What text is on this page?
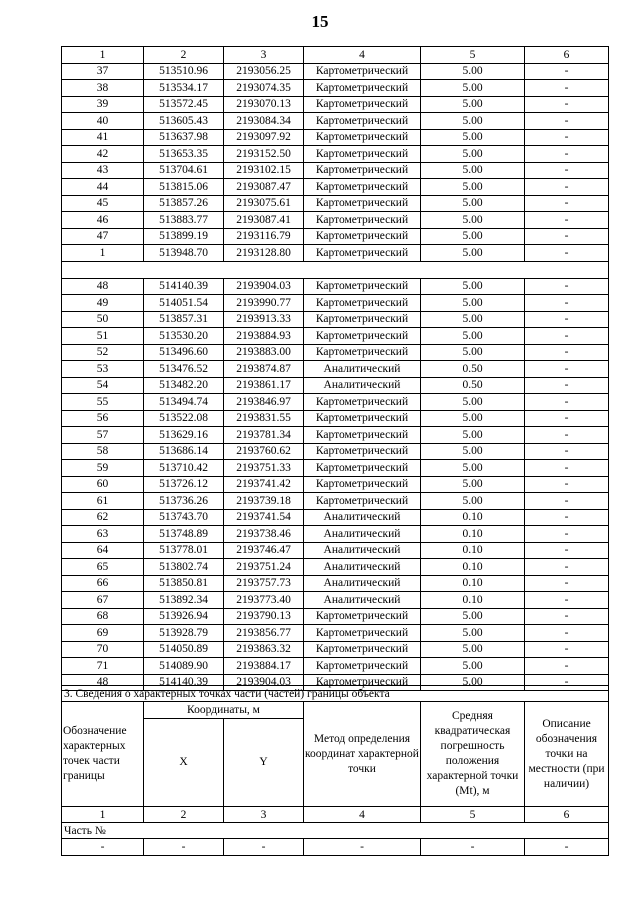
15
1	2	3	4	5	6
37	513510.96	2193056.25	Картометрический	5.00	-
38	513534.17	2193074.35	Картометрический	5.00	-
39	513572.45	2193070.13	Картометрический	5.00	-
40	513605.43	2193084.34	Картометрический	5.00	-
41	513637.98	2193097.92	Картометрический	5.00	-
42	513653.35	2193152.50	Картометрический	5.00	-
43	513704.61	2193102.15	Картометрический	5.00	-
44	513815.06	2193087.47	Картометрический	5.00	-
45	513857.26	2193075.61	Картометрический	5.00	-
46	513883.77	2193087.41	Картометрический	5.00	-
47	513899.19	2193116.79	Картометрический	5.00	-
1	513948.70	2193128.80	Картометрический	5.00	-

48	514140.39	2193904.03	Картометрический	5.00	-
49	514051.54	2193990.77	Картометрический	5.00	-
50	513857.31	2193913.33	Картометрический	5.00	-
51	513530.20	2193884.93	Картометрический	5.00	-
52	513496.60	2193883.00	Картометрический	5.00	-
53	513476.52	2193874.87	Аналитический	0.50	-
54	513482.20	2193861.17	Аналитический	0.50	-
55	513494.74	2193846.97	Картометрический	5.00	-
56	513522.08	2193831.55	Картометрический	5.00	-
57	513629.16	2193781.34	Картометрический	5.00	-
58	513686.14	2193760.62	Картометрический	5.00	-
59	513710.42	2193751.33	Картометрический	5.00	-
60	513726.12	2193741.42	Картометрический	5.00	-
61	513736.26	2193739.18	Картометрический	5.00	-
62	513743.70	2193741.54	Аналитический	0.10	-
63	513748.89	2193738.46	Аналитический	0.10	-
64	513778.01	2193746.47	Аналитический	0.10	-
65	513802.74	2193751.24	Аналитический	0.10	-
66	513850.81	2193757.73	Аналитический	0.10	-
67	513892.34	2193773.40	Аналитический	0.10	-
68	513926.94	2193790.13	Картометрический	5.00	-
69	513928.79	2193856.77	Картометрический	5.00	-
70	514050.89	2193863.32	Картометрический	5.00	-
71	514089.90	2193884.17	Картометрический	5.00	-
48	514140.39	2193904.03	Картометрический	5.00	-
3. Сведения о характерных точках части (частей) границы объекта					
Обозначение характерных точек части границы	Координаты, м		Метод определения координат характерной точки	Средняя квадратическая погрешность положения характерной точки (Mt), м	Описание обозначения точки на местности (при наличии)
	X	Y			
1	2	3	4	5	6
Часть №					
-	-	-	-	-	-
